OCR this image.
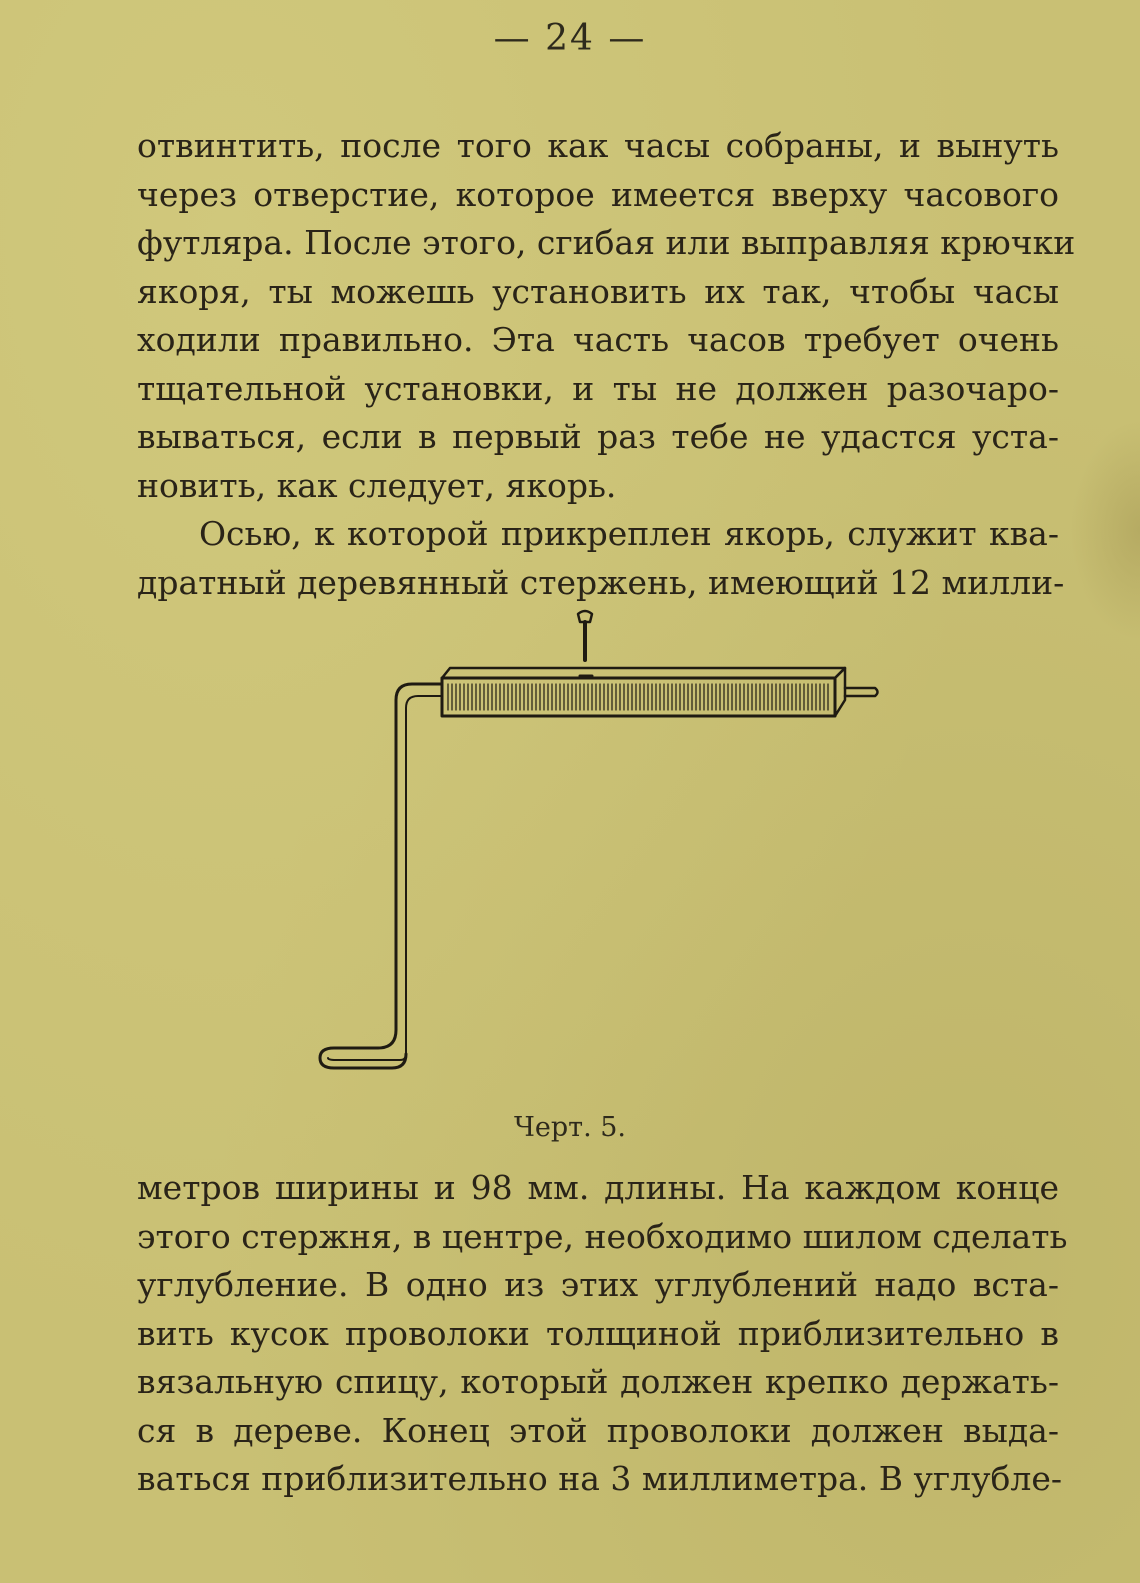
— 24 —
отвинтить, после того как часы собраны, и вынуть
через отверстие, которое имеется вверху часового
футляра. После этого, сгибая или выправляя крючки
якоря, ты можешь установить их так, чтобы часы
ходили правильно. Эта часть часов требует очень
тщательной установки, и ты не должен разочаро-
вываться, если в первый раз тебе не удастся уста-
новить, как следует, якорь.
Осью, к которой прикреплен якорь, служит ква-
дратный деревянный стержень, имеющий 12 милли-
Черт. 5.
метров ширины и 98 мм. длины. На каждом конце
этого стержня, в центре, необходимо шилом сделать
углубление. В одно из этих углублений надо вста-
вить кусок проволоки толщиной приблизительно в
вязальную спицу, который должен крепко держать-
ся в дереве. Конец этой проволоки должен выда-
ваться приблизительно на 3 миллиметра. В углубле-
